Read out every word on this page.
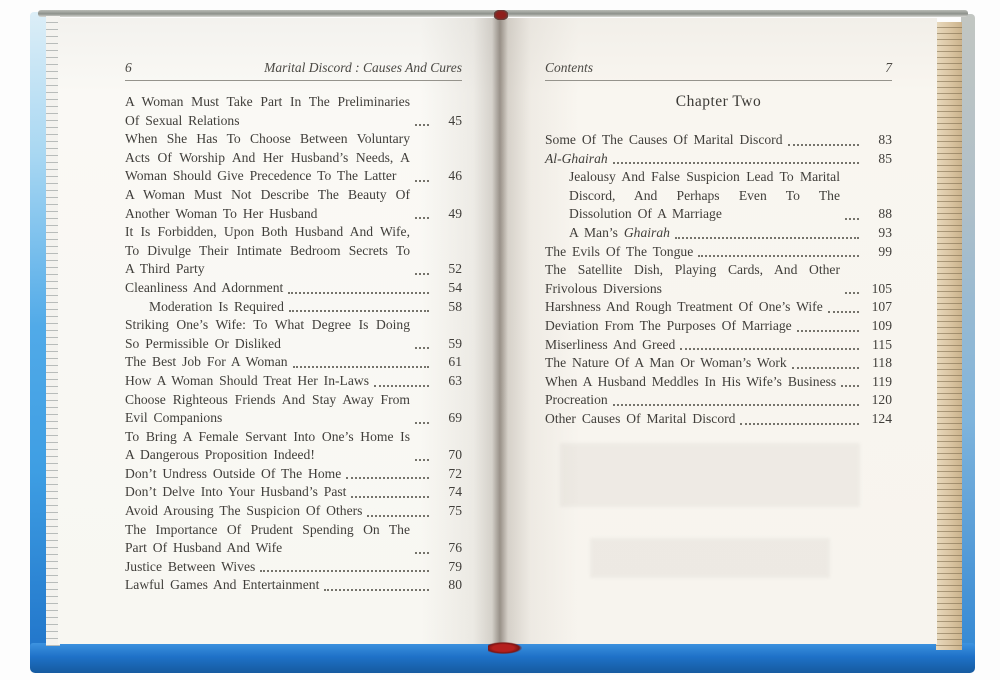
6	Marital Discord : Causes And Cures
A Woman Must Take Part In The Preliminaries Of Sexual Relations	45
When She Has To Choose Between Voluntary Acts Of Worship And Her Husband’s Needs, A Woman Should Give Precedence To The Latter	46
A Woman Must Not Describe The Beauty Of Another Woman To Her Husband	49
It Is Forbidden, Upon Both Husband And Wife, To Divulge Their Intimate Bedroom Secrets To A Third Party	52
Cleanliness And Adornment	54
Moderation Is Required	58
Striking One’s Wife: To What Degree Is Doing So Permissible Or Disliked	59
The Best Job For A Woman	61
How A Woman Should Treat Her In-Laws	63
Choose Righteous Friends And Stay Away From Evil Companions	69
To Bring A Female Servant Into One’s Home Is A Dangerous Proposition Indeed!	70
Don’t Undress Outside Of The Home	72
Don’t Delve Into Your Husband’s Past	74
Avoid Arousing The Suspicion Of Others	75
The Importance Of Prudent Spending On The Part Of Husband And Wife	76
Justice Between Wives	79
Lawful Games And Entertainment	80
Contents	7
Chapter Two
Some Of The Causes Of Marital Discord	83
Al-Ghairah	85
Jealousy And False Suspicion Lead To Marital Discord, And Perhaps Even To The Dissolution Of A Marriage	88
A Man’s Ghairah	93
The Evils Of The Tongue	99
The Satellite Dish, Playing Cards, And Other Frivolous Diversions	105
Harshness And Rough Treatment Of One’s Wife	107
Deviation From The Purposes Of Marriage	109
Miserliness And Greed	115
The Nature Of A Man Or Woman’s Work	118
When A Husband Meddles In His Wife’s Business	119
Procreation	120
Other Causes Of Marital Discord	124
